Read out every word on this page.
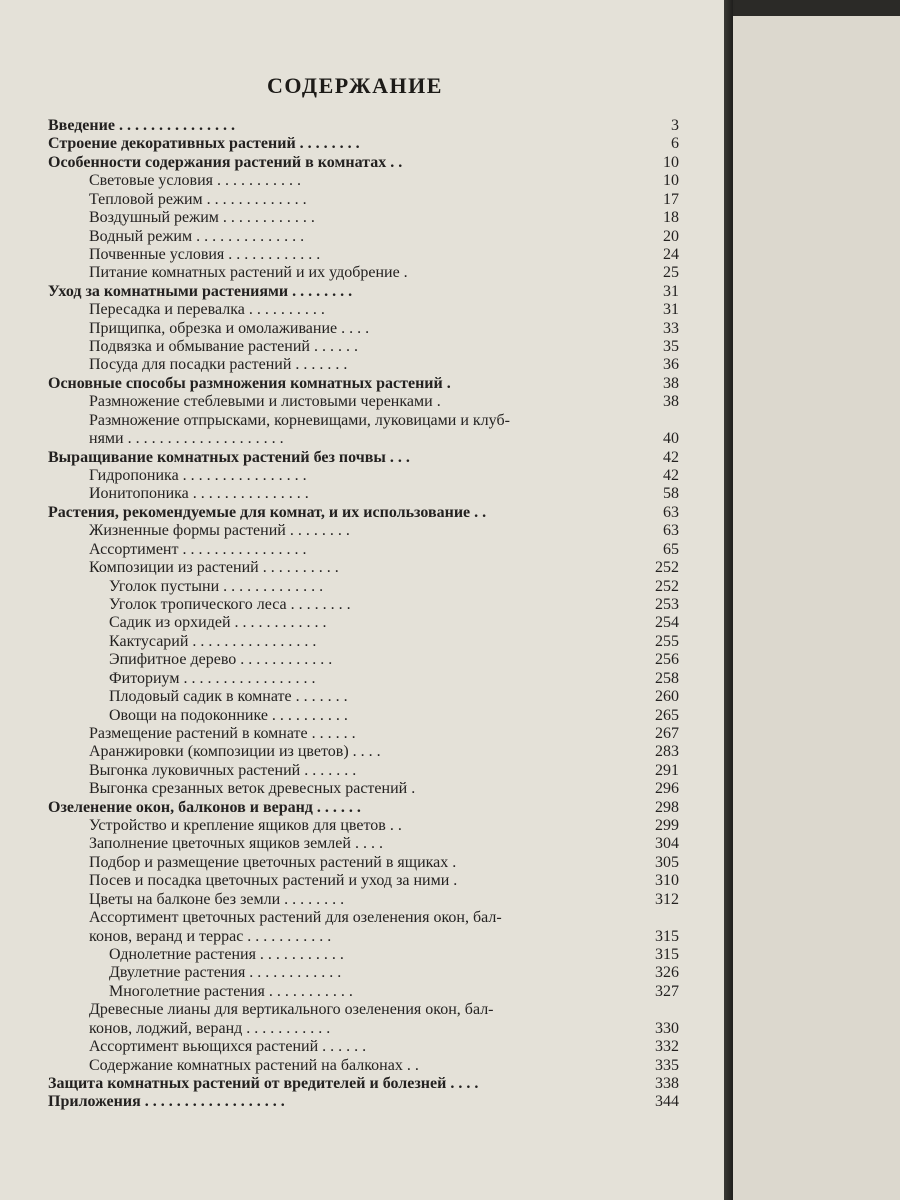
СОДЕРЖАНИЕ
Введение . . . . . . . . . . . . . . .	3
Строение декоративных растений . . . . . . . .	6
Особенности содержания растений в комнатах . .	10
Световые условия . . . . . . . . . . .	10
Тепловой режим . . . . . . . . . . . . .	17
Воздушный режим . . . . . . . . . . . .	18
Водный режим . . . . . . . . . . . . . .	20
Почвенные условия . . . . . . . . . . . .	24
Питание комнатных растений и их удобрение .	25
Уход за комнатными растениями . . . . . . . .	31
Пересадка и перевалка . . . . . . . . . .	31
Прищипка, обрезка и омолаживание . . . .	33
Подвязка и обмывание растений . . . . . .	35
Посуда для посадки растений . . . . . . .	36
Основные способы размножения комнатных растений .	38
Размножение стеблевыми и листовыми черенками .	38
Размножение отпрысками, корневищами, луковицами и клуб-
нями . . . . . . . . . . . . . . . . . . . .	40
Выращивание комнатных растений без почвы . . .	42
Гидропоника . . . . . . . . . . . . . . . .	42
Ионитопоника . . . . . . . . . . . . . . .	58
Растения, рекомендуемые для комнат, и их использование . .	63
Жизненные формы растений . . . . . . . .	63
Ассортимент . . . . . . . . . . . . . . . .	65
Композиции из растений . . . . . . . . . .	252
Уголок пустыни . . . . . . . . . . . . .	252
Уголок тропического леса . . . . . . . .	253
Садик из орхидей . . . . . . . . . . . .	254
Кактусарий . . . . . . . . . . . . . . . .	255
Эпифитное дерево . . . . . . . . . . . .	256
Фиториум . . . . . . . . . . . . . . . . .	258
Плодовый садик в комнате . . . . . . .	260
Овощи на подоконнике . . . . . . . . . .	265
Размещение растений в комнате . . . . . .	267
Аранжировки (композиции из цветов) . . . .	283
Выгонка луковичных растений . . . . . . .	291
Выгонка срезанных веток древесных растений .	296
Озеленение окон, балконов и веранд . . . . . .	298
Устройство и крепление ящиков для цветов . .	299
Заполнение цветочных ящиков землей . . . .	304
Подбор и размещение цветочных растений в ящиках .	305
Посев и посадка цветочных растений и уход за ними .	310
Цветы на балконе без земли . . . . . . . .	312
Ассортимент цветочных растений для озеленения окон, бал-
конов, веранд и террас . . . . . . . . . . .	315
Однолетние растения . . . . . . . . . . .	315
Двулетние растения . . . . . . . . . . . .	326
Многолетние растения . . . . . . . . . . .	327
Древесные лианы для вертикального озеленения окон, бал-
конов, лоджий, веранд . . . . . . . . . . .	330
Ассортимент вьющихся растений . . . . . .	332
Содержание комнатных растений на балконах . .	335
Защита комнатных растений от вредителей и болезней . . . .	338
Приложения . . . . . . . . . . . . . . . . . .	344
